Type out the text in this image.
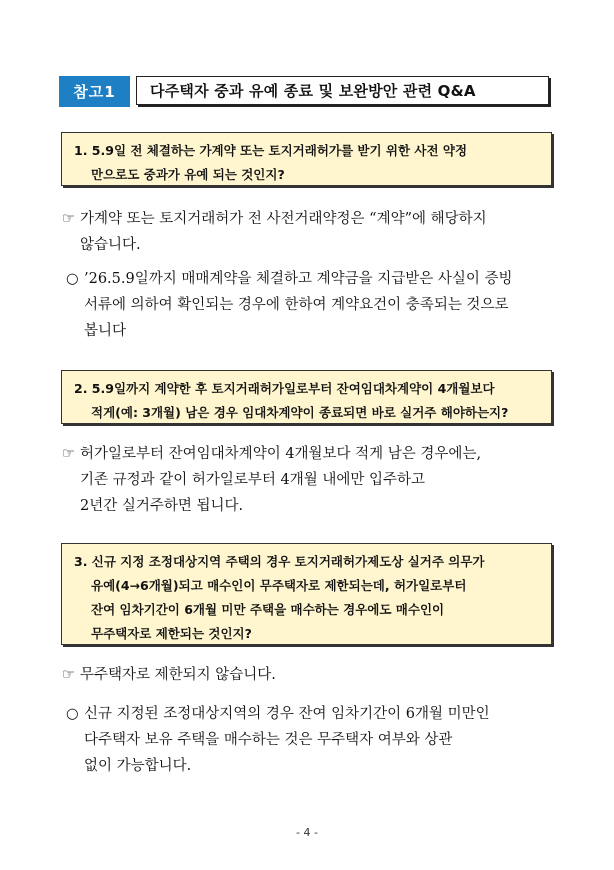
참고1	다주택자 중과 유예 종료 및 보완방안 관련 Q&A
1. 5.9일 전 체결하는 가계약 또는 토지거래허가를 받기 위한 사전 약정
만으로도 중과가 유예 되는 것인지?
☞ 가계약 또는 토지거래허가 전 사전거래약정은 “계약”에 해당하지
않습니다.
○ ’26.5.9일까지 매매계약을 체결하고 계약금을 지급받은 사실이 증빙
서류에 의하여 확인되는 경우에 한하여 계약요건이 충족되는 것으로
봅니다
2. 5.9일까지 계약한 후 토지거래허가일로부터 잔여임대차계약이 4개월보다
적게(예: 3개월) 남은 경우 임대차계약이 종료되면 바로 실거주 해야하는지?
☞ 허가일로부터 잔여임대차계약이 4개월보다 적게 남은 경우에는,
기존 규정과 같이 허가일로부터 4개월 내에만 입주하고
2년간 실거주하면 됩니다.
3. 신규 지정 조정대상지역 주택의 경우 토지거래허가제도상 실거주 의무가
유예(4→6개월)되고 매수인이 무주택자로 제한되는데, 허가일로부터
잔여 임차기간이 6개월 미만 주택을 매수하는 경우에도 매수인이
무주택자로 제한되는 것인지?
☞ 무주택자로 제한되지 않습니다.
○ 신규 지정된 조정대상지역의 경우 잔여 임차기간이 6개월 미만인
다주택자 보유 주택을 매수하는 것은 무주택자 여부와 상관
없이 가능합니다.
- 4 -
